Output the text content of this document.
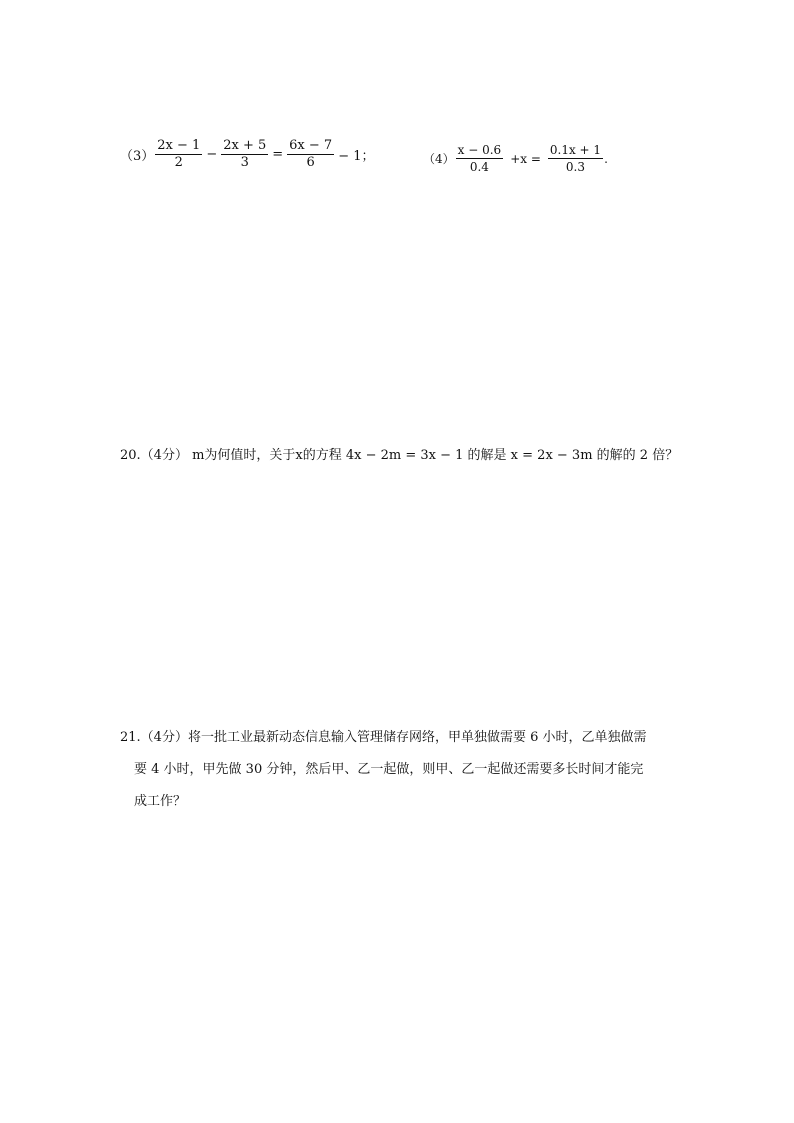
$(3) \frac{2x - 1}{2} - \frac{2x + 5}{3} = \frac{6x - 7}{6} - 1$；	$(4) \frac{x - 0.6}{0.4} +x = \frac{0.1x + 1}{0.3}$ .
20.（4分） m为何值时，关于x的方程 4x − 2m = 3x − 1 的解是 x = 2x − 3m 的解的 2 倍？
21.（4分）将一批工业最新动态信息输入管理储存网络，甲单独做需要 6 小时，乙单独做需
要 4 小时，甲先做 30 分钟，然后甲、乙一起做，则甲、乙一起做还需要多长时间才能完
成工作？
